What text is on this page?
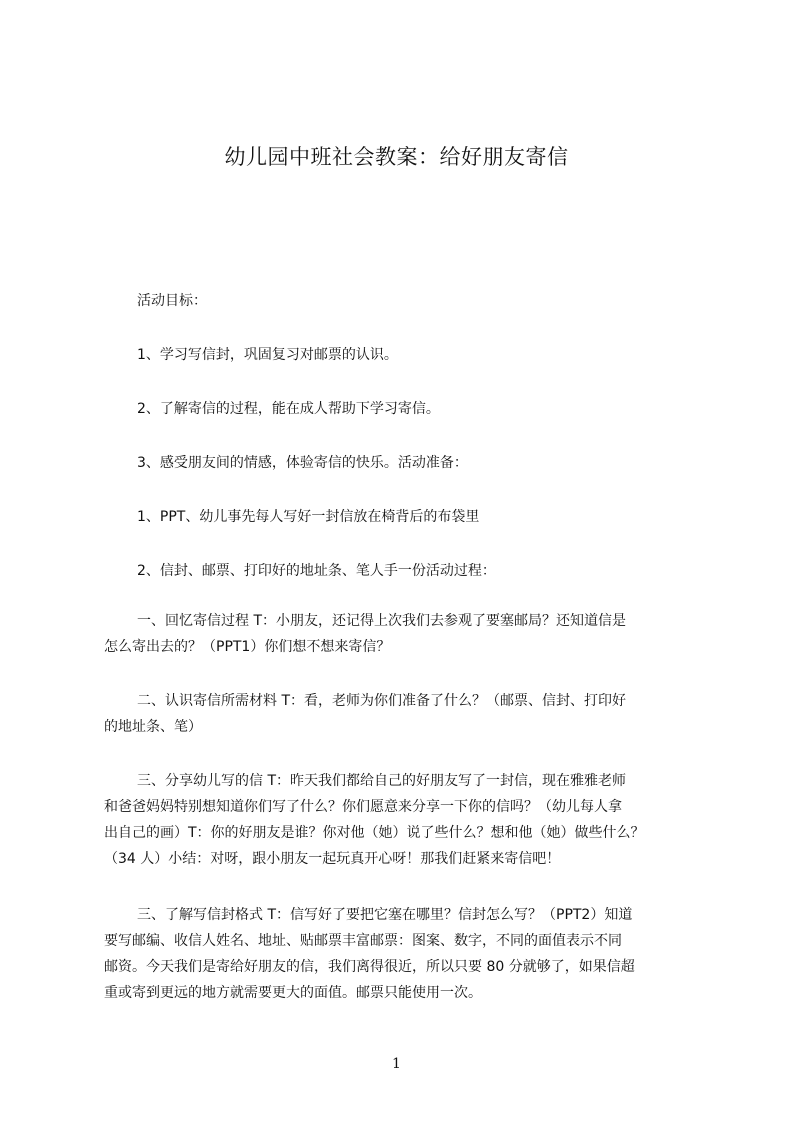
幼儿园中班社会教案：给好朋友寄信
活动目标：
1、学习写信封，巩固复习对邮票的认识。
2、了解寄信的过程，能在成人帮助下学习寄信。
3、感受朋友间的情感，体验寄信的快乐。活动准备：
1、PPT、幼儿事先每人写好一封信放在椅背后的布袋里
2、信封、邮票、打印好的地址条、笔人手一份活动过程：
一、回忆寄信过程 T：小朋友，还记得上次我们去参观了要塞邮局？还知道信是
怎么寄出去的？（PPT1）你们想不想来寄信？
二、认识寄信所需材料 T：看，老师为你们准备了什么？（邮票、信封、打印好
的地址条、笔）
三、分享幼儿写的信 T：昨天我们都给自己的好朋友写了一封信，现在雅雅老师
和爸爸妈妈特别想知道你们写了什么？你们愿意来分享一下你的信吗？（幼儿每人拿
出自己的画）T：你的好朋友是谁？你对他（她）说了些什么？想和他（她）做些什么？
（34 人）小结：对呀，跟小朋友一起玩真开心呀！那我们赶紧来寄信吧！
三、了解写信封格式 T：信写好了要把它塞在哪里？信封怎么写？（PPT2）知道
要写邮编、收信人姓名、地址、贴邮票丰富邮票：图案、数字，不同的面值表示不同
邮资。今天我们是寄给好朋友的信，我们离得很近，所以只要 80 分就够了，如果信超
重或寄到更远的地方就需要更大的面值。邮票只能使用一次。
1
